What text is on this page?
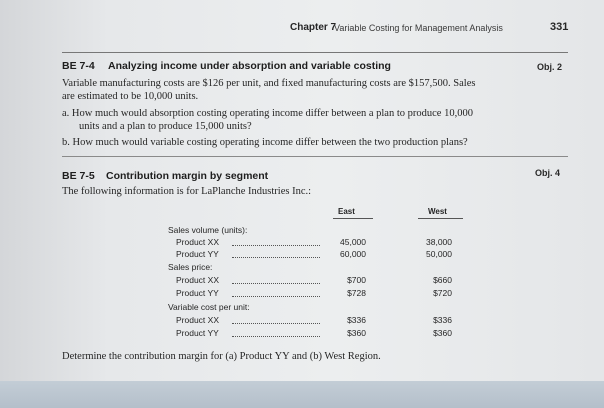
Chapter 7
Variable Costing for Management Analysis	331
BE 7-4 Analyzing income under absorption and variable costing	Obj. 2
Variable manufacturing costs are $126 per unit, and fixed manufacturing costs are $157,500. Sales
are estimated to be 10,000 units.
a. How much would absorption costing operating income differ between a plan to produce 10,000
units and a plan to produce 15,000 units?
b. How much would variable costing operating income differ between the two production plans?
BE 7-5 Contribution margin by segment	Obj. 4
The following information is for LaPlanche Industries Inc.:
East	West
Sales volume (units):
Product XX	45,000	38,000
Product YY	60,000	50,000
Sales price:
Product XX	$700	$660
Product YY	$728	$720
Variable cost per unit:
Product XX	$336	$336
Product YY	$360	$360
Determine the contribution margin for (a) Product YY and (b) West Region.
